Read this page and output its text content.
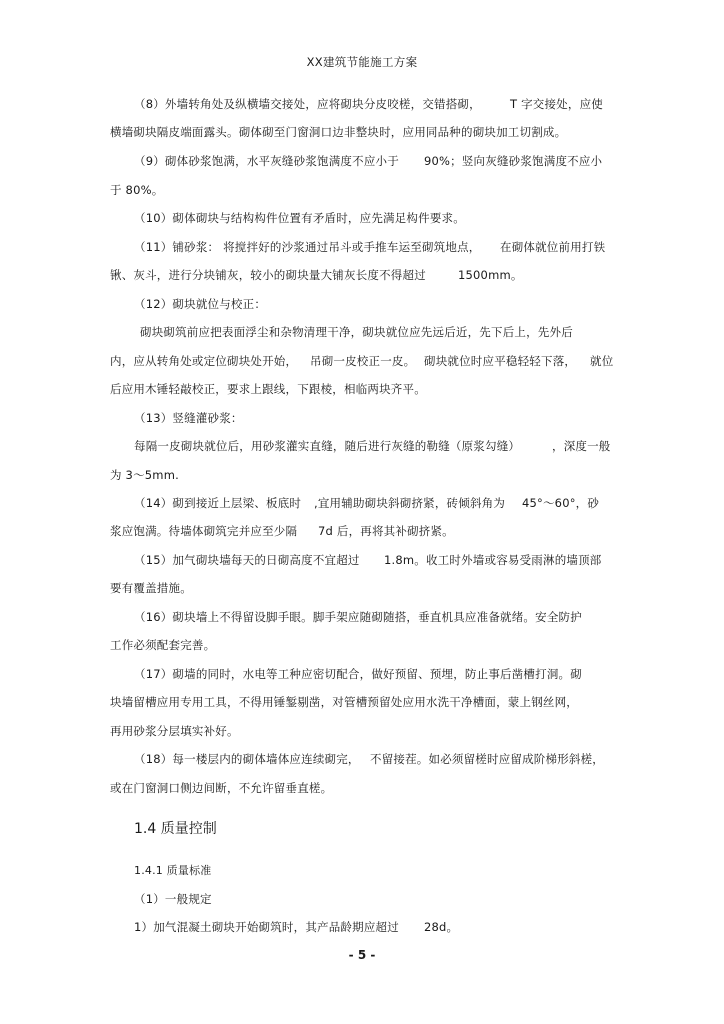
XX建筑节能施工方案
（8）外墙转角处及纵横墙交接处，应将砌块分皮咬槎，交错搭砌，	T 字交接处，应使
横墙砌块隔皮端面露头。砌体砌至门窗洞口边非整块时，应用同品种的砌块加工切割成。
（9）砌体砂浆饱满，水平灰缝砂浆饱满度不应小于 90%；竖向灰缝砂浆饱满度不应小
于 80%。
（10）砌体砌块与结构构件位置有矛盾时，应先满足构件要求。
（11）铺砂浆： 将搅拌好的沙浆通过吊斗或手推车运至砌筑地点， 在砌体就位前用打铁
锹、灰斗，进行分块铺灰，较小的砌块量大铺灰长度不得超过	1500mm。
（12）砌块就位与校正：
砌块砌筑前应把表面浮尘和杂物清理干净，砌块就位应先远后近，先下后上，先外后
内，应从转角处或定位砌块处开始， 吊砌一皮校正一皮。 砌块就位时应平稳轻轻下落， 就位
后应用木锤轻敲校正，要求上跟线，下跟棱，相临两块齐平。
（13）竖缝灌砂浆：
每隔一皮砌块就位后，用砂浆灌实直缝，随后进行灰缝的勒缝（原浆勾缝）	，深度一般
为 3～5mm.
（14）砌到接近上层梁、板底时 ,宜用辅助砌块斜砌挤紧，砖倾斜角为 45°～60°，砂
浆应饱满。待墙体砌筑完并应至少隔 7d 后，再将其补砌挤紧。
（15）加气砌块墙每天的日砌高度不宜超过 1.8m。收工时外墙或容易受雨淋的墙顶部
要有覆盖措施。
（16）砌块墙上不得留设脚手眼。脚手架应随砌随搭，垂直机具应准备就绪。安全防护
工作必须配套完善。
（17）砌墙的同时，水电等工种应密切配合，做好预留、预埋，防止事后凿槽打洞。砌
块墙留槽应用专用工具，不得用锤錾剔凿，对管槽预留处应用水洗干净槽面，蒙上钢丝网，
再用砂浆分层填实补好。
（18）每一楼层内的砌体墙体应连续砌完， 不留接茬。如必须留槎时应留成阶梯形斜槎，
或在门窗洞口侧边间断，不允许留垂直槎。
1.4 质量控制
1.4.1 质量标准
（1）一般规定
1）加气混凝土砌块开始砌筑时，其产品龄期应超过 28d。
- 5 -
